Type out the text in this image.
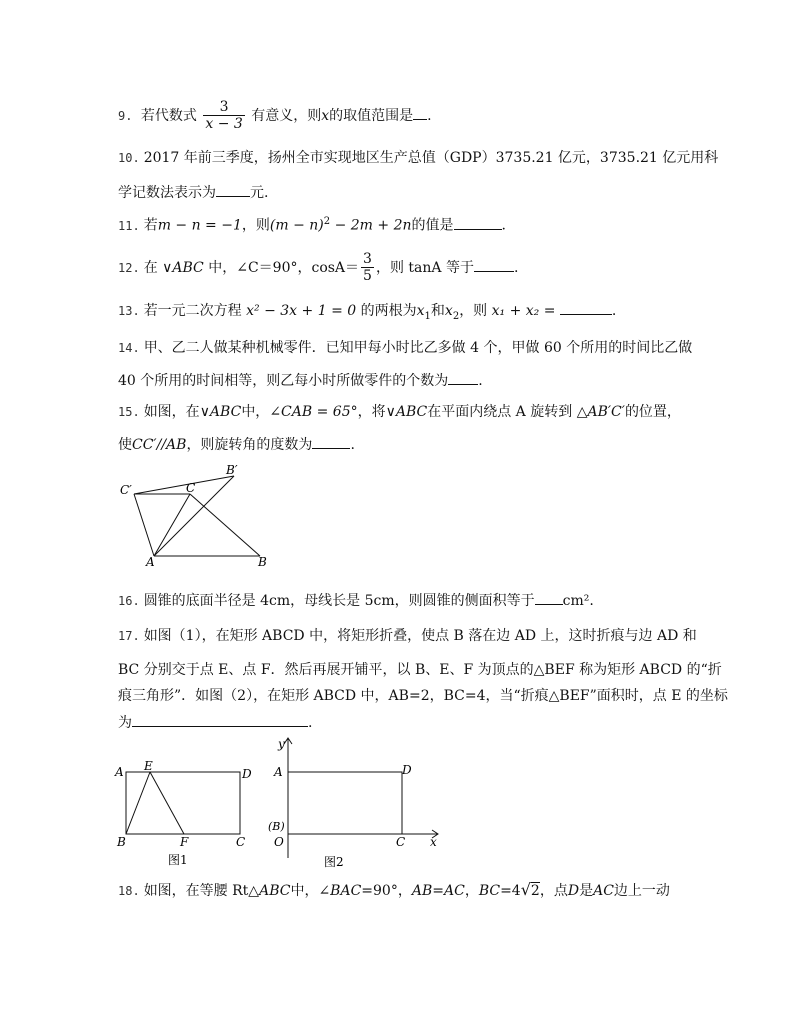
9. 若代数式 $\frac{3}{x - 3}$ 有意义，则x的取值范围是 .
10. 2017 年前三季度，扬州全市实现地区生产总值（GDP）3735.21 亿元，3735.21 亿元用科
学记数法表示为 元.
11. 若m − n = −1，则$(m - n)^2 - 2m + 2n$的值是	.
12. 在 ∨ABC 中，∠C＝90°，$\cos A= \frac{3}{5}$ ，则 tanA 等于	.
13. 若一元二次方程 x² − 3x + 1 = 0 的两根为$x_1$和$x_2$，则 x₁ + x₂ =	.
14. 甲、乙二人做某种机械零件．已知甲每小时比乙多做 4 个，甲做 60 个所用的时间比乙做
40 个所用的时间相等，则乙每小时所做零件的个数为 .
15. 如图，在∨ABC中，∠CAB = 65°，将∨ABC在平面内绕点 A 旋转到 △AB′C′的位置，
使CC′//AB，则旋转角的度数为	.
C′	C
B′
A	B
16. 圆锥的底面半径是 4cm，母线长是 5cm，则圆锥的侧面积等于 cm².
17. 如图（1），在矩形 ABCD 中，将矩形折叠，使点 B 落在边 AD 上，这时折痕与边 AD 和
BC 分别交于点 E、点 F．然后再展开铺平，以 B、E、F 为顶点的△BEF 称为矩形 ABCD 的“折
痕三角形”．如图（2），在矩形 ABCD 中，AB=2，BC=4，当“折痕△BEF”面积时，点 E 的坐标
为	.
A E
D
B	F	C
图1
y
A	D
(B)
O	C x
图2
18. 如图，在等腰 Rt△ABC中，∠BAC=90°，AB=AC，BC=4√2，点D是AC边上一动
